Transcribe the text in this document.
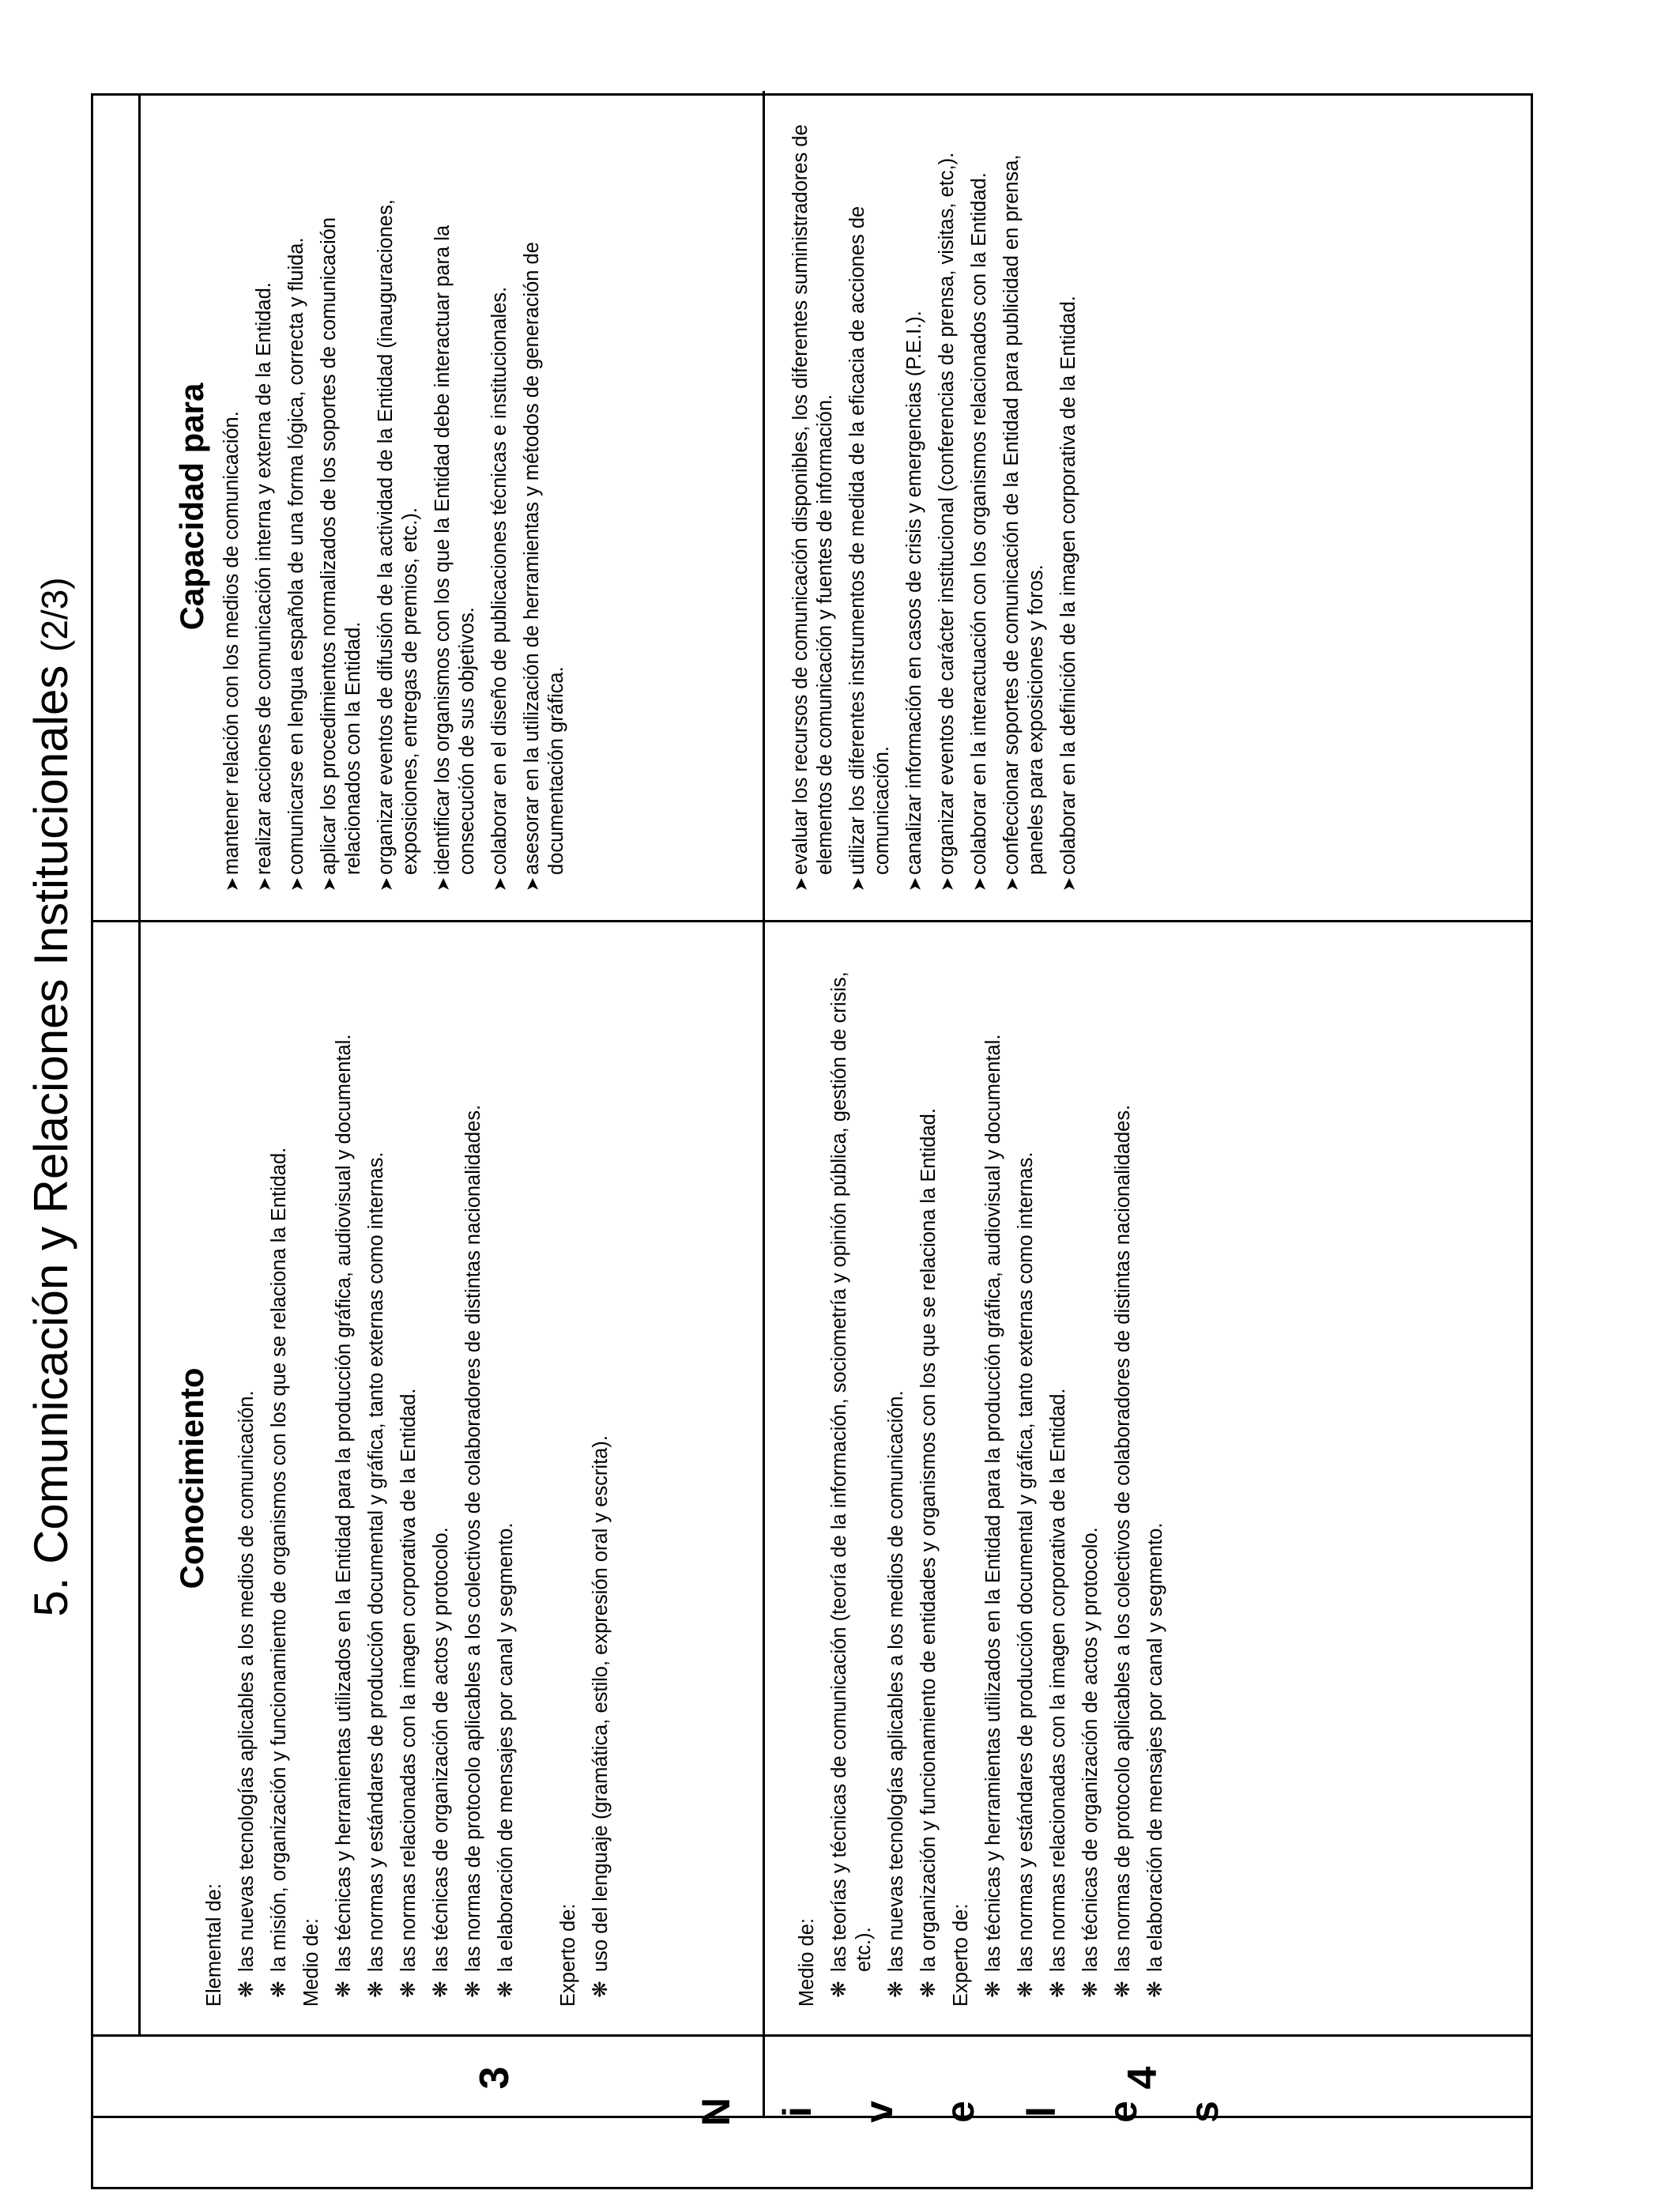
5. Comunicación y Relaciones Institucionales (2/3)
Conocimiento
Capacidad para
N i v e l e s
3	4
Elemental de: ❋
las nuevas tecnologías aplicables a los medios de comunicación.
❋
la misión, organización y funcionamiento de organismos con los que se relaciona la Entidad. Medio de: ❋
las técnicas y herramientas utilizados en la Entidad para la producción gráfica, audiovisual y documental.
❋
las normas y estándares de producción documental y gráfica, tanto externas como internas.
❋
las normas relacionadas con la imagen corporativa de la Entidad.
❋
las técnicas de organización de actos y protocolo.
❋
las normas de protocolo aplicables a los colectivos de colaboradores de distintas nacionalidades.
❋
la elaboración de mensajes por canal y segmento. Experto de: ❋
uso del lenguaje (gramática, estilo, expresión oral y escrita).
➤
mantener relación con los medios de comunicación.
➤
realizar acciones de comunicación interna y externa de la Entidad.
➤
comunicarse en lengua española de una forma lógica, correcta y fluida.
➤
aplicar los procedimientos normalizados de los soportes de comunicación relacionados con la Entidad.
➤
organizar eventos de difusión de la actividad de la Entidad (inauguraciones, exposiciones, entregas de premios, etc.).
➤
identificar los organismos con los que la Entidad debe interactuar para la consecución de sus objetivos.
➤
colaborar en el diseño de publicaciones técnicas e institucionales.
➤
asesorar en la utilización de herramientas y métodos de generación de documentación gráfica.
Medio de: ❋
las teorías y técnicas de comunicación (teoría de la información, sociometría y opinión pública, gestión de crisis, etc.).
❋
las nuevas tecnologías aplicables a los medios de comunicación.
❋
la organización y funcionamiento de entidades y organismos con los que se relaciona la Entidad. Experto de: ❋
las técnicas y herramientas utilizados en la Entidad para la producción gráfica, audiovisual y documental.
❋
las normas y estándares de producción documental y gráfica, tanto externas como internas.
❋
las normas relacionadas con la imagen corporativa de la Entidad.
❋
las técnicas de organización de actos y protocolo.
❋
las normas de protocolo aplicables a los colectivos de colaboradores de distintas nacionalidades.
❋
la elaboración de mensajes por canal y segmento.
➤
evaluar los recursos de comunicación disponibles, los diferentes suministradores de elementos de comunicación y fuentes de información.
➤
utilizar los diferentes instrumentos de medida de la eficacia de acciones de comunicación.
➤
canalizar información en casos de crisis y emergencias (P.E.I.).
➤
organizar eventos de carácter institucional (conferencias de prensa, visitas, etc,).
➤
colaborar en la interactuación con los organismos relacionados con la Entidad.
➤
confeccionar soportes de comunicación de la Entidad para publicidad en prensa, paneles para exposiciones y foros.
➤
colaborar en la definición de la imagen corporativa de la Entidad.
